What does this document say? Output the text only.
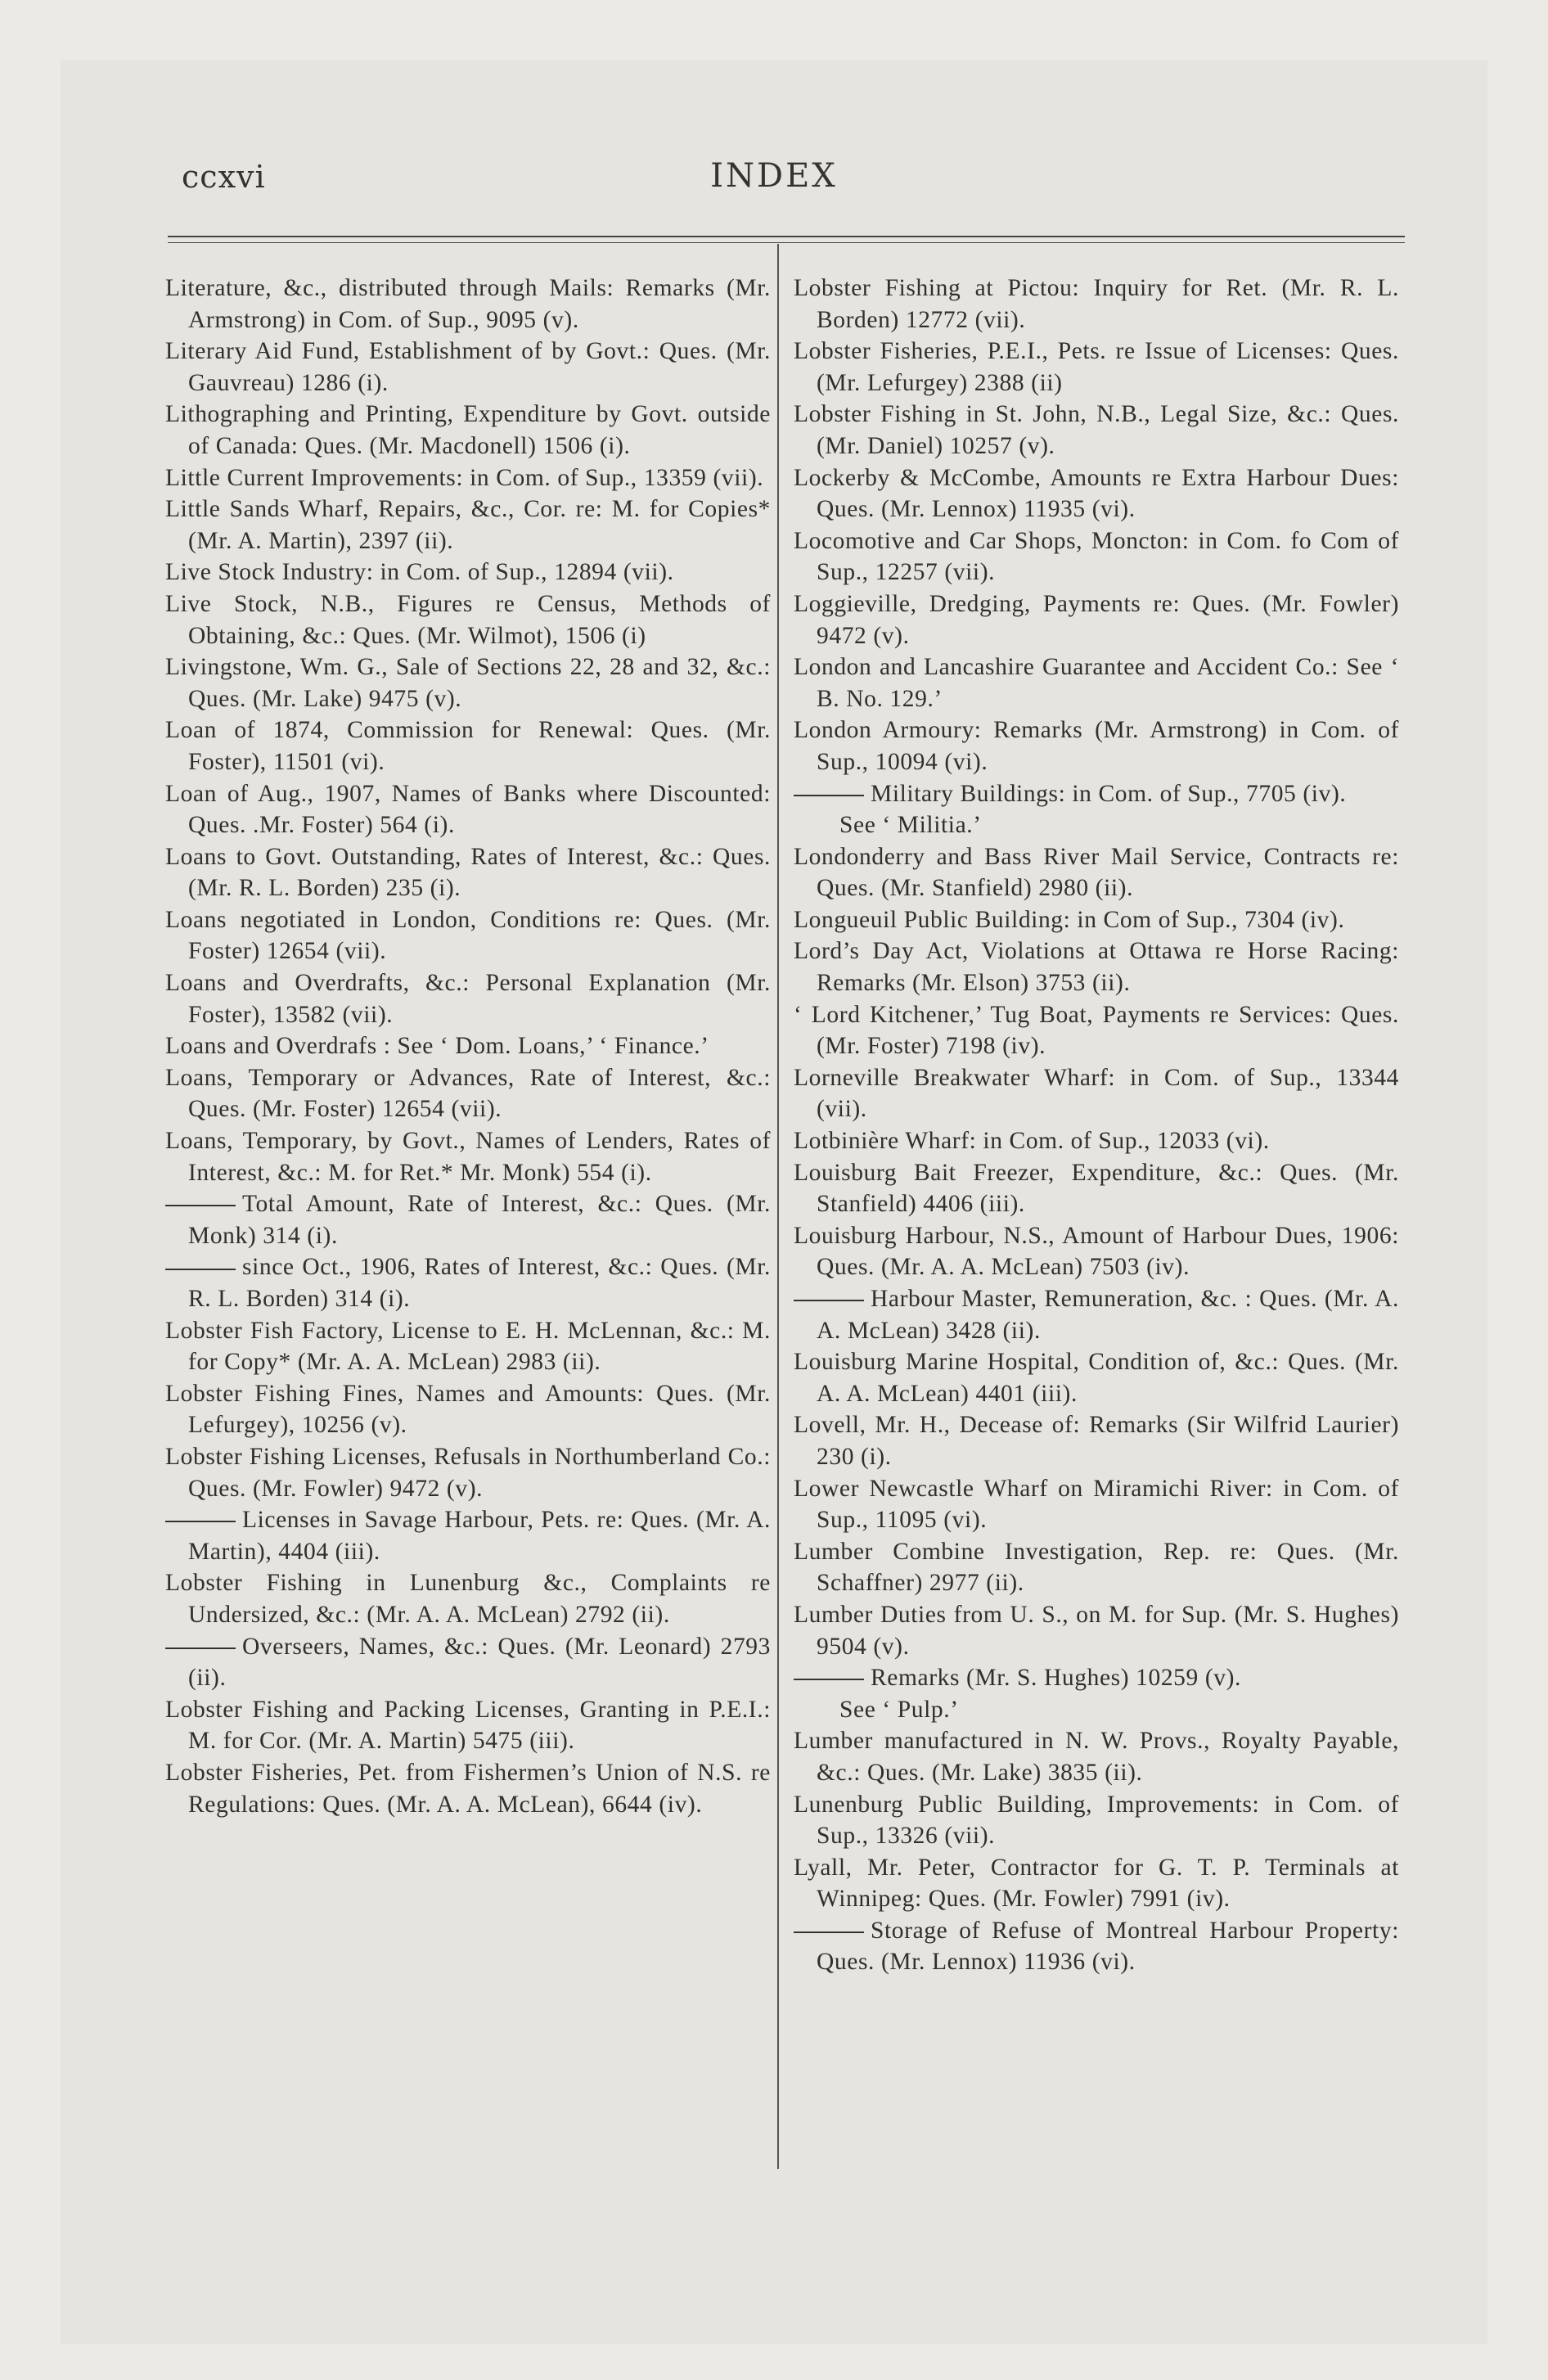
ccxvi	INDEX

Literature, &c., distributed through Mails: Remarks (Mr. Armstrong) in Com. of Sup., 9095 (v).

Literary Aid Fund, Establishment of by Govt.: Ques. (Mr. Gauvreau) 1286 (i).

Lithographing and Printing, Expenditure by Govt. outside of Canada: Ques. (Mr. Macdonell) 1506 (i).

Little Current Improvements: in Com. of Sup., 13359 (vii).

Little Sands Wharf, Repairs, &c., Cor. re: M. for Copies* (Mr. A. Martin), 2397 (ii).

Live Stock Industry: in Com. of Sup., 12894 (vii).

Live Stock, N.B., Figures re Census, Methods of Obtaining, &c.: Ques. (Mr. Wilmot), 1506 (i)

Livingstone, Wm. G., Sale of Sections 22, 28 and 32, &c.: Ques. (Mr. Lake) 9475 (v).

Loan of 1874, Commission for Renewal: Ques. (Mr. Foster), 11501 (vi).

Loan of Aug., 1907, Names of Banks where Discounted: Ques. .Mr. Foster) 564 (i).

Loans to Govt. Outstanding, Rates of Interest, &c.: Ques. (Mr. R. L. Borden) 235 (i).

Loans negotiated in London, Conditions re: Ques. (Mr. Foster) 12654 (vii).

Loans and Overdrafts, &c.: Personal Explanation (Mr. Foster), 13582 (vii).

Loans and Overdrafs : See ‘ Dom. Loans,’ ‘ Finance.’

Loans, Temporary or Advances, Rate of Interest, &c.: Ques. (Mr. Foster) 12654 (vii).

Loans, Temporary, by Govt., Names of Lenders, Rates of Interest, &c.: M. for Ret.* Mr. Monk) 554 (i).

Total Amount, Rate of Interest, &c.: Ques. (Mr. Monk) 314 (i).

since Oct., 1906, Rates of Interest, &c.: Ques. (Mr. R. L. Borden) 314 (i).

Lobster Fish Factory, License to E. H. McLennan, &c.: M. for Copy* (Mr. A. A. McLean) 2983 (ii).

Lobster Fishing Fines, Names and Amounts: Ques. (Mr. Lefurgey), 10256 (v).

Lobster Fishing Licenses, Refusals in Northumberland Co.: Ques. (Mr. Fowler) 9472 (v).

Licenses in Savage Harbour, Pets. re: Ques. (Mr. A. Martin), 4404 (iii).

Lobster Fishing in Lunenburg &c., Complaints re Undersized, &c.: (Mr. A. A. McLean) 2792 (ii).

Overseers, Names, &c.: Ques. (Mr. Leonard) 2793 (ii).

Lobster Fishing and Packing Licenses, Granting in P.E.I.: M. for Cor. (Mr. A. Martin) 5475 (iii).

Lobster Fisheries, Pet. from Fishermen’s Union of N.S. re Regulations: Ques. (Mr. A. A. McLean), 6644 (iv).

Lobster Fishing at Pictou: Inquiry for Ret. (Mr. R. L. Borden) 12772 (vii).

Lobster Fisheries, P.E.I., Pets. re Issue of Licenses: Ques. (Mr. Lefurgey) 2388 (ii)

Lobster Fishing in St. John, N.B., Legal Size, &c.: Ques. (Mr. Daniel) 10257 (v).

Lockerby & McCombe, Amounts re Extra Harbour Dues: Ques. (Mr. Lennox) 11935 (vi).

Locomotive and Car Shops, Moncton: in Com. fo Com of Sup., 12257 (vii).

Loggieville, Dredging, Payments re: Ques. (Mr. Fowler) 9472 (v).

London and Lancashire Guarantee and Accident Co.: See ‘ B. No. 129.’

London Armoury: Remarks (Mr. Armstrong) in Com. of Sup., 10094 (vi).

Military Buildings: in Com. of Sup., 7705 (iv).

See ‘ Militia.’

Londonderry and Bass River Mail Service, Contracts re: Ques. (Mr. Stanfield) 2980 (ii).

Longueuil Public Building: in Com of Sup., 7304 (iv).

Lord’s Day Act, Violations at Ottawa re Horse Racing: Remarks (Mr. Elson) 3753 (ii).

‘ Lord Kitchener,’ Tug Boat, Payments re Services: Ques. (Mr. Foster) 7198 (iv).

Lorneville Breakwater Wharf: in Com. of Sup., 13344 (vii).

Lotbinière Wharf: in Com. of Sup., 12033 (vi).

Louisburg Bait Freezer, Expenditure, &c.: Ques. (Mr. Stanfield) 4406 (iii).

Louisburg Harbour, N.S., Amount of Harbour Dues, 1906: Ques. (Mr. A. A. McLean) 7503 (iv).

Harbour Master, Remuneration, &c. : Ques. (Mr. A. A. McLean) 3428 (ii).

Louisburg Marine Hospital, Condition of, &c.: Ques. (Mr. A. A. McLean) 4401 (iii).

Lovell, Mr. H., Decease of: Remarks (Sir Wilfrid Laurier) 230 (i).

Lower Newcastle Wharf on Miramichi River: in Com. of Sup., 11095 (vi).

Lumber Combine Investigation, Rep. re: Ques. (Mr. Schaffner) 2977 (ii).

Lumber Duties from U. S., on M. for Sup. (Mr. S. Hughes) 9504 (v).

Remarks (Mr. S. Hughes) 10259 (v).

See ‘ Pulp.’

Lumber manufactured in N. W. Provs., Royalty Payable, &c.: Ques. (Mr. Lake) 3835 (ii).

Lunenburg Public Building, Improvements: in Com. of Sup., 13326 (vii).

Lyall, Mr. Peter, Contractor for G. T. P. Terminals at Winnipeg: Ques. (Mr. Fowler) 7991 (iv).

Storage of Refuse of Montreal Harbour Property: Ques. (Mr. Lennox) 11936 (vi).
